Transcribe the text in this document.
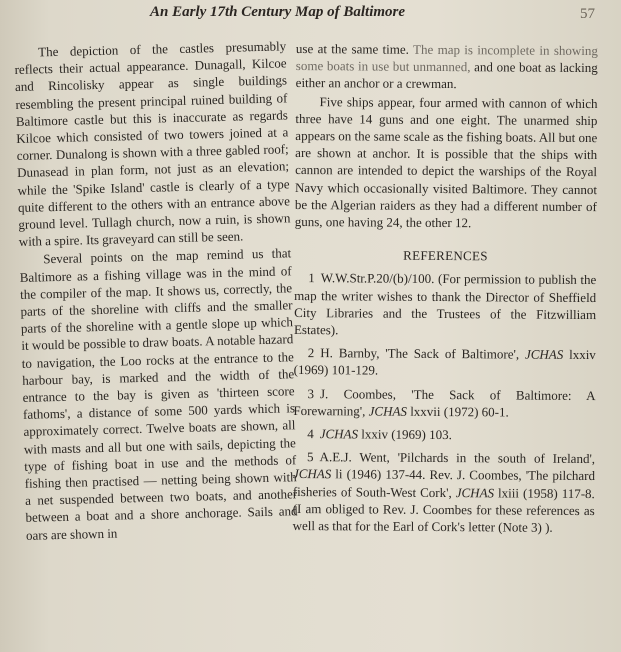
An Early 17th Century Map of Baltimore	57

The depiction of the castles presumably reflects their actual appearance. Dunagall, Kilcoe and Rincolisky appear as single buildings resembling the present principal ruined building of Baltimore castle but this is inaccurate as regards Kilcoe which consisted of two towers joined at a corner. Dunalong is shown with a three gabled roof; Dunasead in plan form, not just as an elevation; while the 'Spike Island' castle is clearly of a type quite different to the others with an entrance above ground level. Tullagh church, now a ruin, is shown with a spire. Its graveyard can still be seen.

Several points on the map remind us that Baltimore as a fishing village was in the mind of the compiler of the map. It shows us, correctly, the parts of the shoreline with cliffs and the smaller parts of the shoreline with a gentle slope up which it would be possible to draw boats. A notable hazard to navigation, the Loo rocks at the entrance to the harbour bay, is marked and the width of the entrance to the bay is given as 'thirteen score fathoms', a distance of some 500 yards which is approximately correct. Twelve boats are shown, all with masts and all but one with sails, depicting the type of fishing boat in use and the methods of fishing then practised — netting being shown with a net suspended between two boats, and another between a boat and a shore anchorage. Sails and oars are shown in

use at the same time. The map is incomplete in showing some boats in use but unmanned, and one boat as lacking either an anchor or a crewman.

Five ships appear, four armed with cannon of which three have 14 guns and one eight. The unarmed ship appears on the same scale as the fishing boats. All but one are shown at anchor. It is possible that the ships with cannon are intended to depict the warships of the Royal Navy which occasionally visited Baltimore. They cannot be the Algerian raiders as they had a different number of guns, one having 24, the other 12.

REFERENCES

1 W.W.Str.P.20/(b)/100. (For permission to publish the map the writer wishes to thank the Director of Sheffield City Libraries and the Trustees of the Fitzwilliam Estates).

2 H. Barnby, 'The Sack of Baltimore', JCHAS lxxiv (1969) 101-129.

3 J. Coombes, 'The Sack of Baltimore: A Forewarning', JCHAS lxxvii (1972) 60-1.

4 JCHAS lxxiv (1969) 103.

5 A.E.J. Went, 'Pilchards in the south of Ireland', JCHAS li (1946) 137-44. Rev. J. Coombes, 'The pilchard fisheries of South-West Cork', JCHAS lxiii (1958) 117-8. (I am obliged to Rev. J. Coombes for these references as well as that for the Earl of Cork's letter (Note 3) ).
